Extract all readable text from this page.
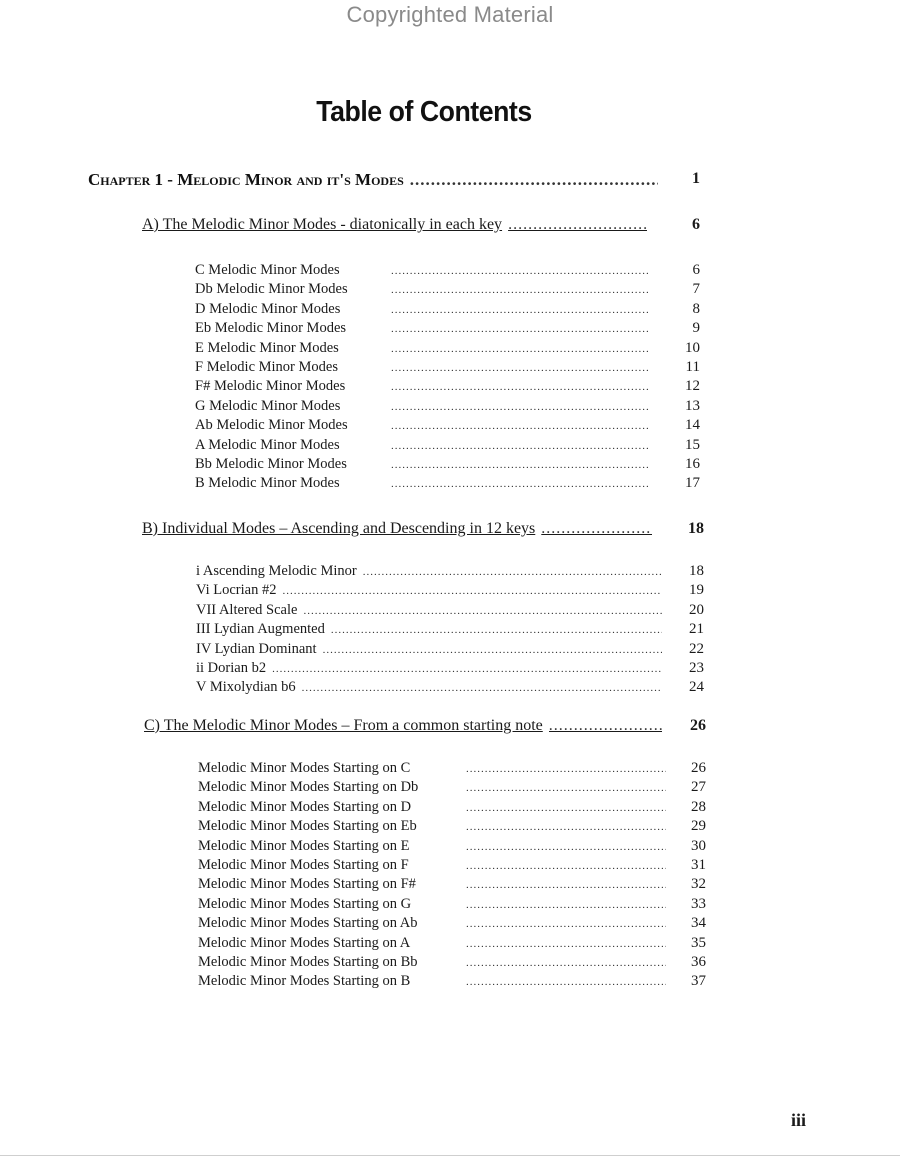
Copyrighted Material
Table of Contents
Chapter 1 - Melodic Minor and it's Modes .....	1
A) The Melodic Minor Modes - diatonically in each key .....	6
C Melodic Minor Modes .....	6
Db Melodic Minor Modes .....	7
D Melodic Minor Modes .....	8
Eb Melodic Minor Modes .....	9
E Melodic Minor Modes .....	10
F Melodic Minor Modes .....	11
F# Melodic Minor Modes .....	12
G Melodic Minor Modes .....	13
Ab Melodic Minor Modes .....	14
A Melodic Minor Modes .....	15
Bb Melodic Minor Modes .....	16
B Melodic Minor Modes .....	17
B) Individual Modes – Ascending and Descending in 12 keys .....	18
i Ascending Melodic Minor .....	18
Vi Locrian #2 .....	19
VII Altered Scale .....	20
III Lydian Augmented .....	21
IV Lydian Dominant .....	22
ii Dorian b2 .....	23
V Mixolydian b6 .....	24
C) The Melodic Minor Modes – From a common starting note .....	26
Melodic Minor Modes Starting on C .....	26
Melodic Minor Modes Starting on Db .....	27
Melodic Minor Modes Starting on D .....	28
Melodic Minor Modes Starting on Eb .....	29
Melodic Minor Modes Starting on E .....	30
Melodic Minor Modes Starting on F .....	31
Melodic Minor Modes Starting on F# .....	32
Melodic Minor Modes Starting on G .....	33
Melodic Minor Modes Starting on Ab .....	34
Melodic Minor Modes Starting on A .....	35
Melodic Minor Modes Starting on Bb .....	36
Melodic Minor Modes Starting on B .....	37
iii
